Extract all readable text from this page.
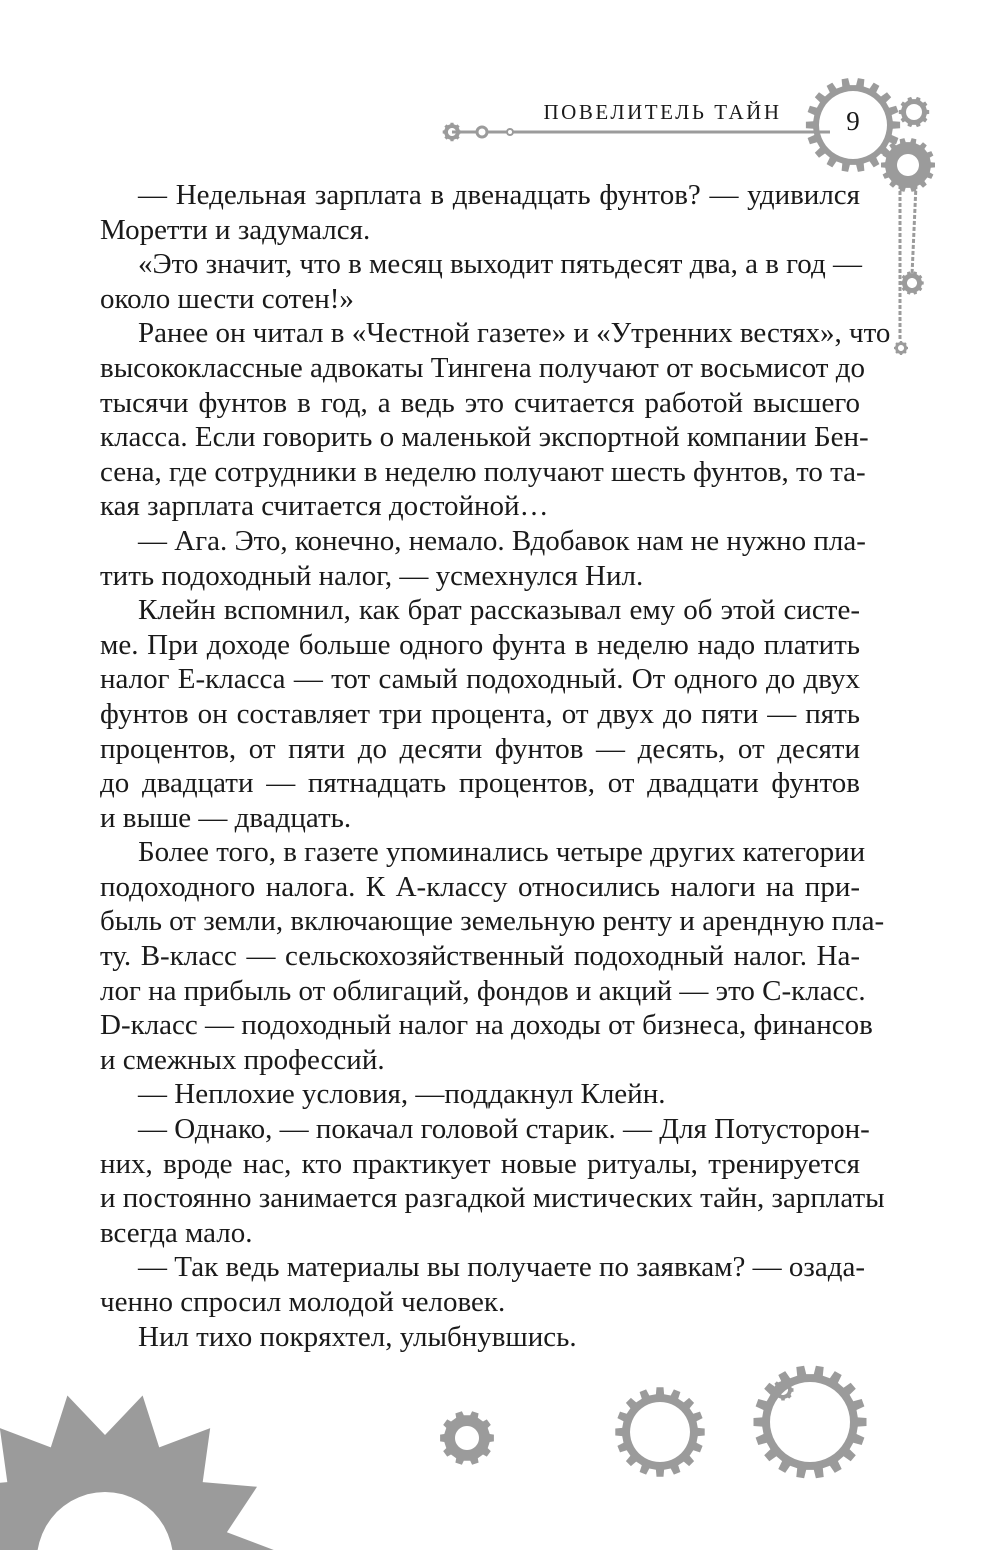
ПОВЕЛИТЕЛЬ ТАЙН	9
— Недельная зарплата в двенадцать фунтов? — удивился
Моретти и задумался.
«Это значит, что в месяц выходит пятьдесят два, а в год —
около шести сотен!»
Ранее он читал в «Честной газете» и «Утренних вестях», что
высококлассные адвокаты Тингена получают от восьмисот до
тысячи фунтов в год, а ведь это считается работой высшего
класса. Если говорить о маленькой экспортной компании Бен-
сена, где сотрудники в неделю получают шесть фунтов, то та-
кая зарплата считается достойной…
— Ага. Это, конечно, немало. Вдобавок нам не нужно пла-
тить подоходный налог, — усмехнулся Нил.
Клейн вспомнил, как брат рассказывал ему об этой систе-
ме. При доходе больше одного фунта в неделю надо платить
налог Е-класса — тот самый подоходный. От одного до двух
фунтов он составляет три процента, от двух до пяти — пять
процентов, от пяти до десяти фунтов — десять, от десяти
до двадцати — пятнадцать процентов, от двадцати фунтов
и выше — двадцать.
Более того, в газете упоминались четыре других категории
подоходного налога. К А-классу относились налоги на при-
быль от земли, включающие земельную ренту и арендную пла-
ту. В-класс — сельскохозяйственный подоходный налог. На-
лог на прибыль от облигаций, фондов и акций — это С-класс.
D-класс — подоходный налог на доходы от бизнеса, финансов
и смежных профессий.
— Неплохие условия, —поддакнул Клейн.
— Однако, — покачал головой старик. — Для Потусторон-
них, вроде нас, кто практикует новые ритуалы, тренируется
и постоянно занимается разгадкой мистических тайн, зарплаты
всегда мало.
— Так ведь материалы вы получаете по заявкам? — озада-
ченно спросил молодой человек.
Нил тихо покряхтел, улыбнувшись.
